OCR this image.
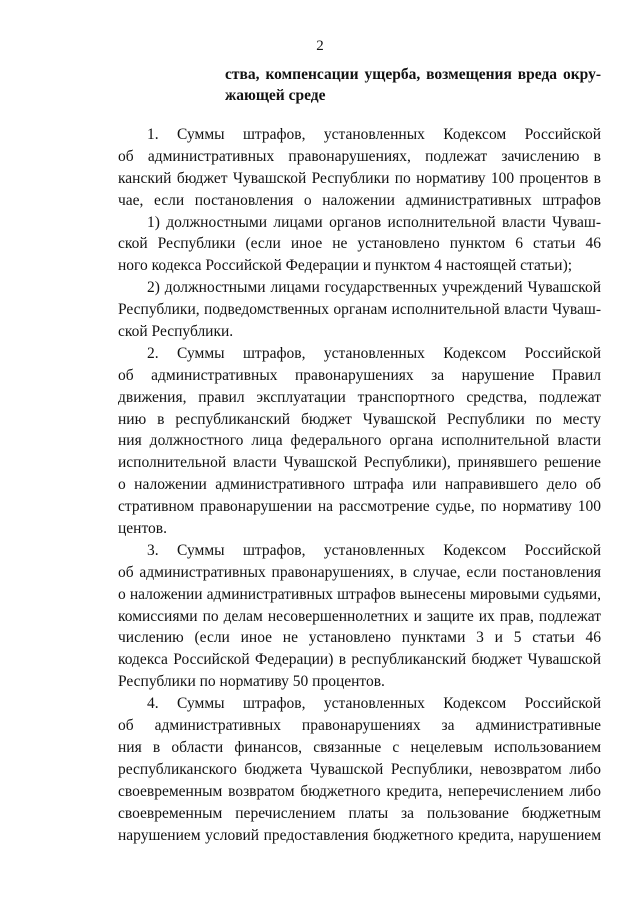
2
ства, компенсации ущерба, возмещения вреда окру-
жающей среде
1. Суммы штрафов, установленных Кодексом Российской
об административных правонарушениях, подлежат зачислению в
канский бюджет Чувашской Республики по нормативу 100 процентов в
чае, если постановления о наложении административных штрафов
1) должностными лицами органов исполнительной власти Чуваш-
ской Республики (если иное не установлено пунктом 6 статьи 46
ного кодекса Российской Федерации и пунктом 4 настоящей статьи);
2) должностными лицами государственных учреждений Чувашской
Республики, подведомственных органам исполнительной власти Чуваш-
ской Республики.
2. Суммы штрафов, установленных Кодексом Российской
об административных правонарушениях за нарушение Правил
движения, правил эксплуатации транспортного средства, подлежат
нию в республиканский бюджет Чувашской Республики по месту
ния должностного лица федерального органа исполнительной власти
исполнительной власти Чувашской Республики), принявшего решение
о наложении административного штрафа или направившего дело об
стративном правонарушении на рассмотрение судье, по нормативу 100
центов.
3. Суммы штрафов, установленных Кодексом Российской
об административных правонарушениях, в случае, если постановления
о наложении административных штрафов вынесены мировыми судьями,
комиссиями по делам несовершеннолетних и защите их прав, подлежат
числению (если иное не установлено пунктами 3 и 5 статьи 46
кодекса Российской Федерации) в республиканский бюджет Чувашской
Республики по нормативу 50 процентов.
4. Суммы штрафов, установленных Кодексом Российской
об административных правонарушениях за административные
ния в области финансов, связанные с нецелевым использованием
республиканского бюджета Чувашской Республики, невозвратом либо
своевременным возвратом бюджетного кредита, неперечислением либо
своевременным перечислением платы за пользование бюджетным
нарушением условий предоставления бюджетного кредита, нарушением
